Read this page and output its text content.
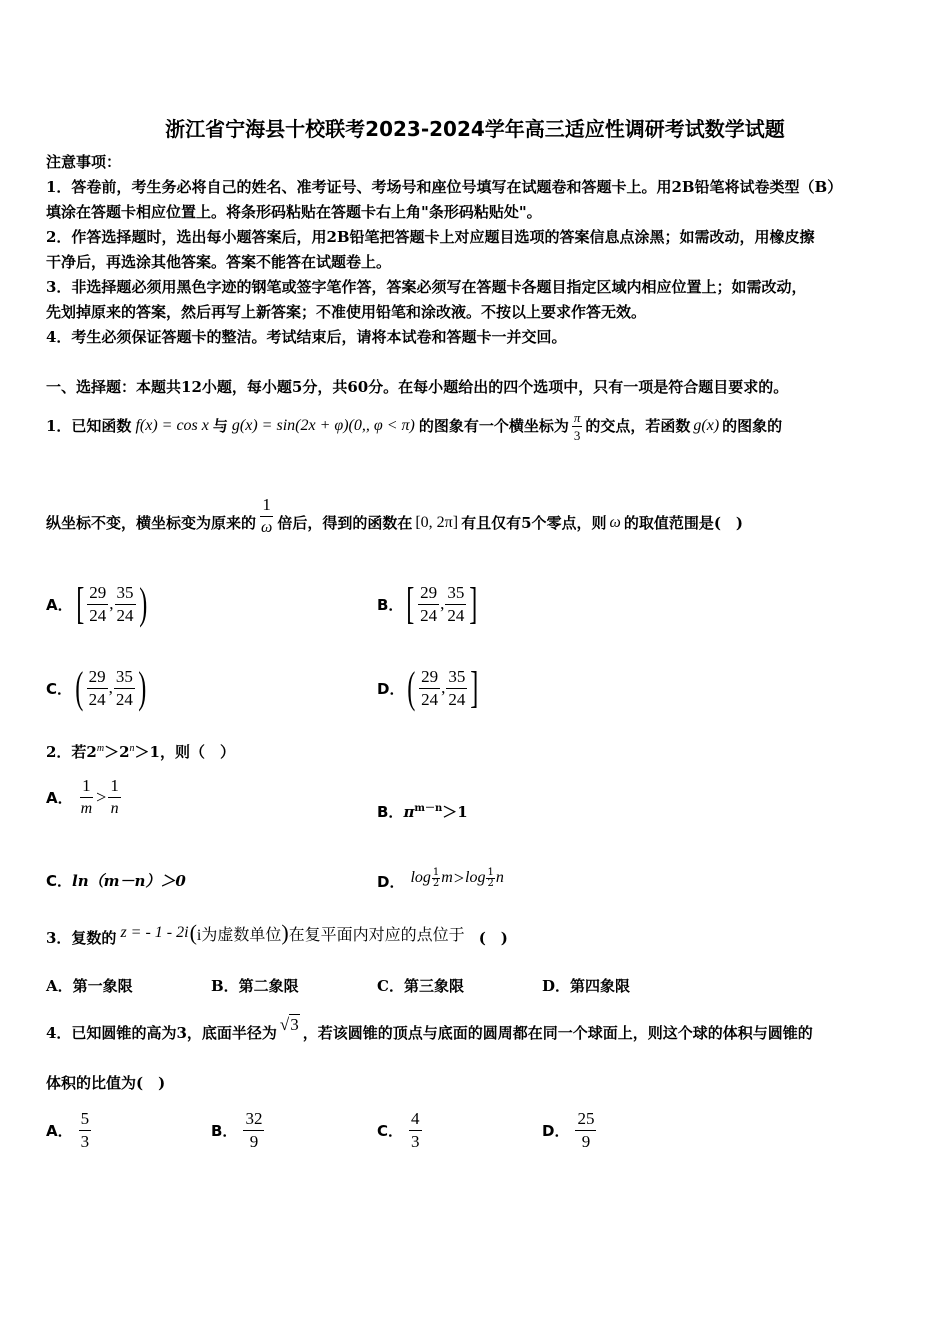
浙江省宁海县十校联考2023-2024学年高三适应性调研考试数学试题
注意事项：
1．答卷前，考生务必将自己的姓名、准考证号、考场号和座位号填写在试题卷和答题卡上。用2B铅笔将试卷类型（B）
填涂在答题卡相应位置上。将条形码粘贴在答题卡右上角"条形码粘贴处"。
2．作答选择题时，选出每小题答案后，用2B铅笔把答题卡上对应题目选项的答案信息点涂黑；如需改动，用橡皮擦
干净后，再选涂其他答案。答案不能答在试题卷上。
3．非选择题必须用黑色字迹的钢笔或签字笔作答，答案必须写在答题卡各题目指定区域内相应位置上；如需改动，
先划掉原来的答案，然后再写上新答案；不准使用铅笔和涂改液。不按以上要求作答无效。
4．考生必须保证答题卡的整洁。考试结束后，请将本试卷和答题卡一并交回。
一、选择题：本题共12小题，每小题5分，共60分。在每小题给出的四个选项中，只有一项是符合题目要求的。
1．已知函数 f(x) = cos x 与 g(x) = sin(2x + φ)(0,, φ < π) 的图象有一个横坐标为 $\frac{\pi}{3}$ 的交点，若函数 g(x) 的图象的
纵坐标不变，横坐标变为原来的 $\frac{1}{\omega}$ 倍后，得到的函数在 [0, 2π] 有且仅有5个零点，则 ω 的取值范围是(　)
A． [ $\frac{29}{24}$ , $\frac{35}{24}$ )	B． [ $\frac{29}{24}$ , $\frac{35}{24}$ ]
C． ( $\frac{29}{24}$ , $\frac{35}{24}$ )	D． ( $\frac{29}{24}$ , $\frac{35}{24}$ ]
2．若$2^m>2^n>1$，则（　）
A． $\frac{1}{m} > \frac{1}{n}$	B．$\pi^{m-n}>1$
C．ln（m－n）＞0	D． $\log \frac{1}{2}$ $m > \log \frac{1}{2}$ n
3．复数的 z = - 1 - 2i ( i为虚数单位 ) 在复平面内对应的点位于 (　)
A．第一象限	B．第二象限	C．第三象限	D．第四象限
4．已知圆锥的高为3，底面半径为 √3 ，若该圆锥的顶点与底面的圆周都在同一个球面上，则这个球的体积与圆锥的
体积的比值为(　)
A． $\frac{5}{3}$	B． $\frac{32}{9}$	C． $\frac{4}{3}$	D． $\frac{25}{9}$
